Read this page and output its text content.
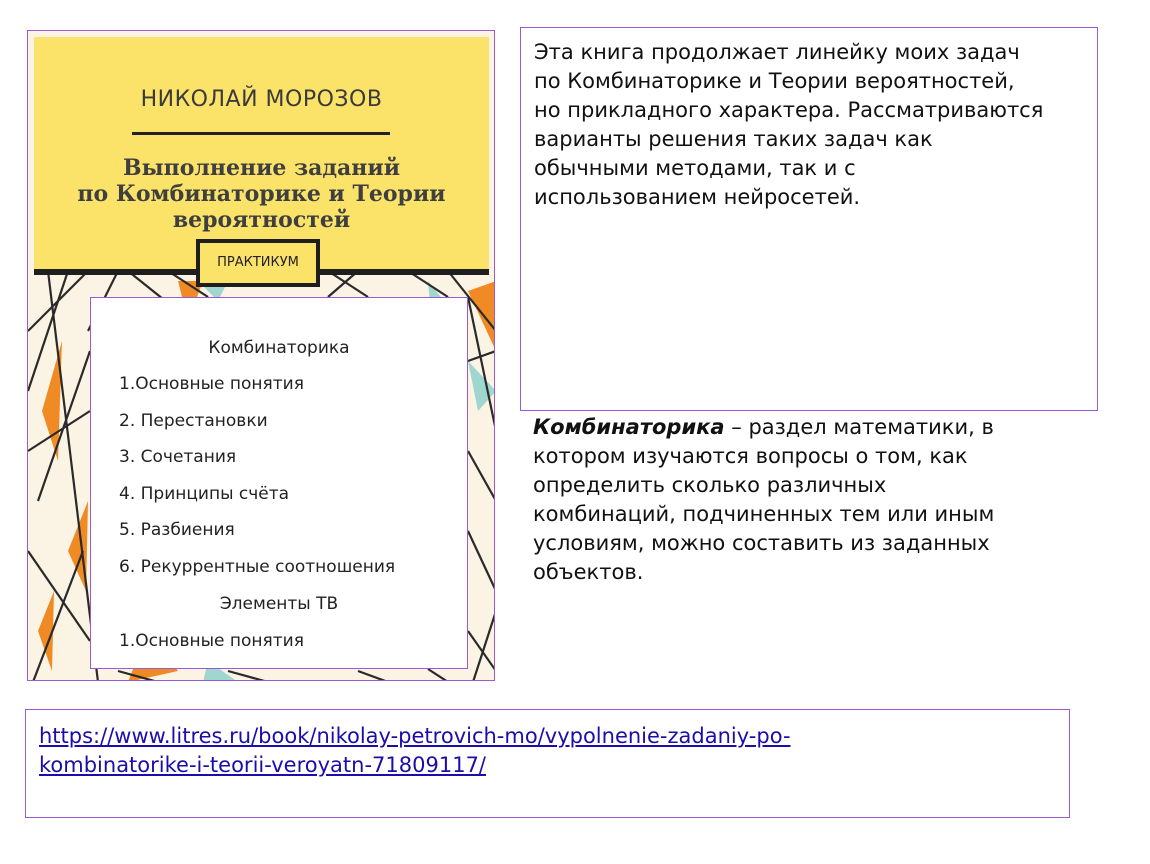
НИКОЛАЙ МОРОЗОВ
Выполнение заданий
по Комбинаторике и Теории
вероятностей
ПРАКТИКУМ
Комбинаторика
1.Основные понятия
2. Перестановки
3. Сочетания
4. Принципы счёта
5. Разбиения
6. Рекуррентные соотношения
Элементы ТВ
1.Основные понятия
Эта книга продолжает линейку моих задач
по Комбинаторике и Теории вероятностей,
но прикладного характера. Рассматриваются
варианты решения таких задач как
обычными методами, так и с
использованием нейросетей.
Комбинаторика – раздел математики, в
котором изучаются вопросы о том, как
определить сколько различных
комбинаций, подчиненных тем или иным
условиям, можно составить из заданных
объектов.
https://www.litres.ru/book/nikolay-petrovich-mo/vypolnenie-zadaniy-po-
kombinatorike-i-teorii-veroyatn-71809117/
